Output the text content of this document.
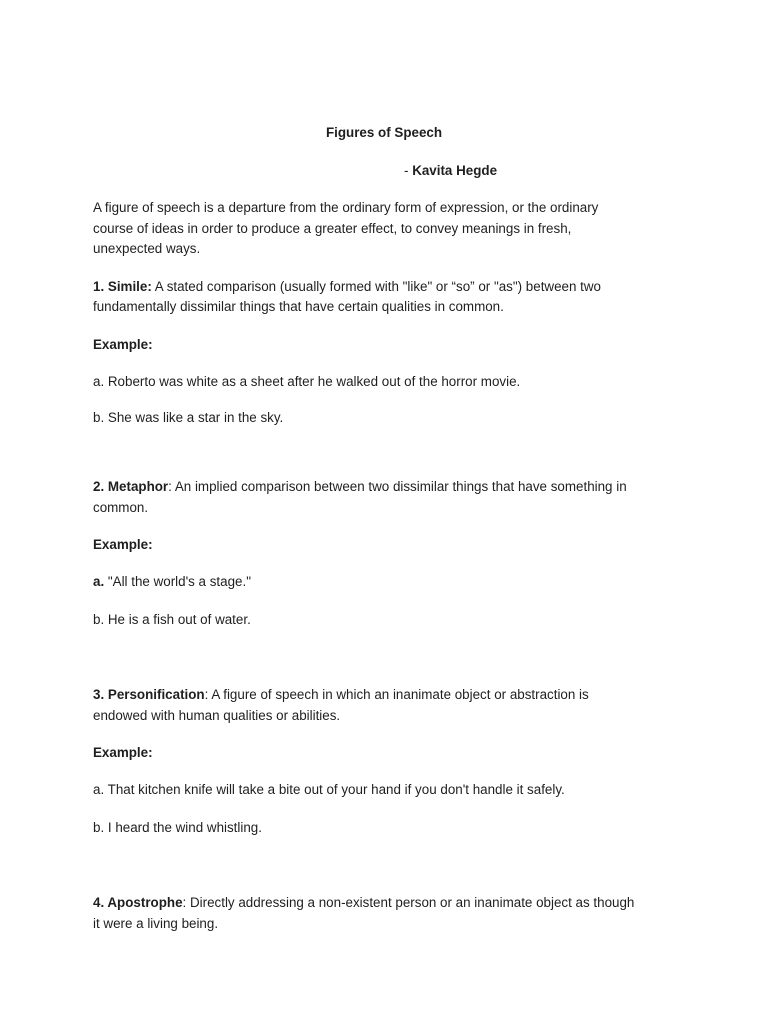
Figures of Speech
- Kavita Hegde
A figure of speech is a departure from the ordinary form of expression, or the ordinary
course of ideas in order to produce a greater effect, to convey meanings in fresh,
unexpected ways.
1. Simile: A stated comparison (usually formed with "like" or “so” or "as") between two
fundamentally dissimilar things that have certain qualities in common.
Example:
a. Roberto was white as a sheet after he walked out of the horror movie.
b. She was like a star in the sky.
2. Metaphor: An implied comparison between two dissimilar things that have something in
common.
Example:
a. "All the world's a stage."
b. He is a fish out of water.
3. Personification: A figure of speech in which an inanimate object or abstraction is
endowed with human qualities or abilities.
Example:
a. That kitchen knife will take a bite out of your hand if you don't handle it safely.
b. I heard the wind whistling.
4. Apostrophe: Directly addressing a non-existent person or an inanimate object as though
it were a living being.
